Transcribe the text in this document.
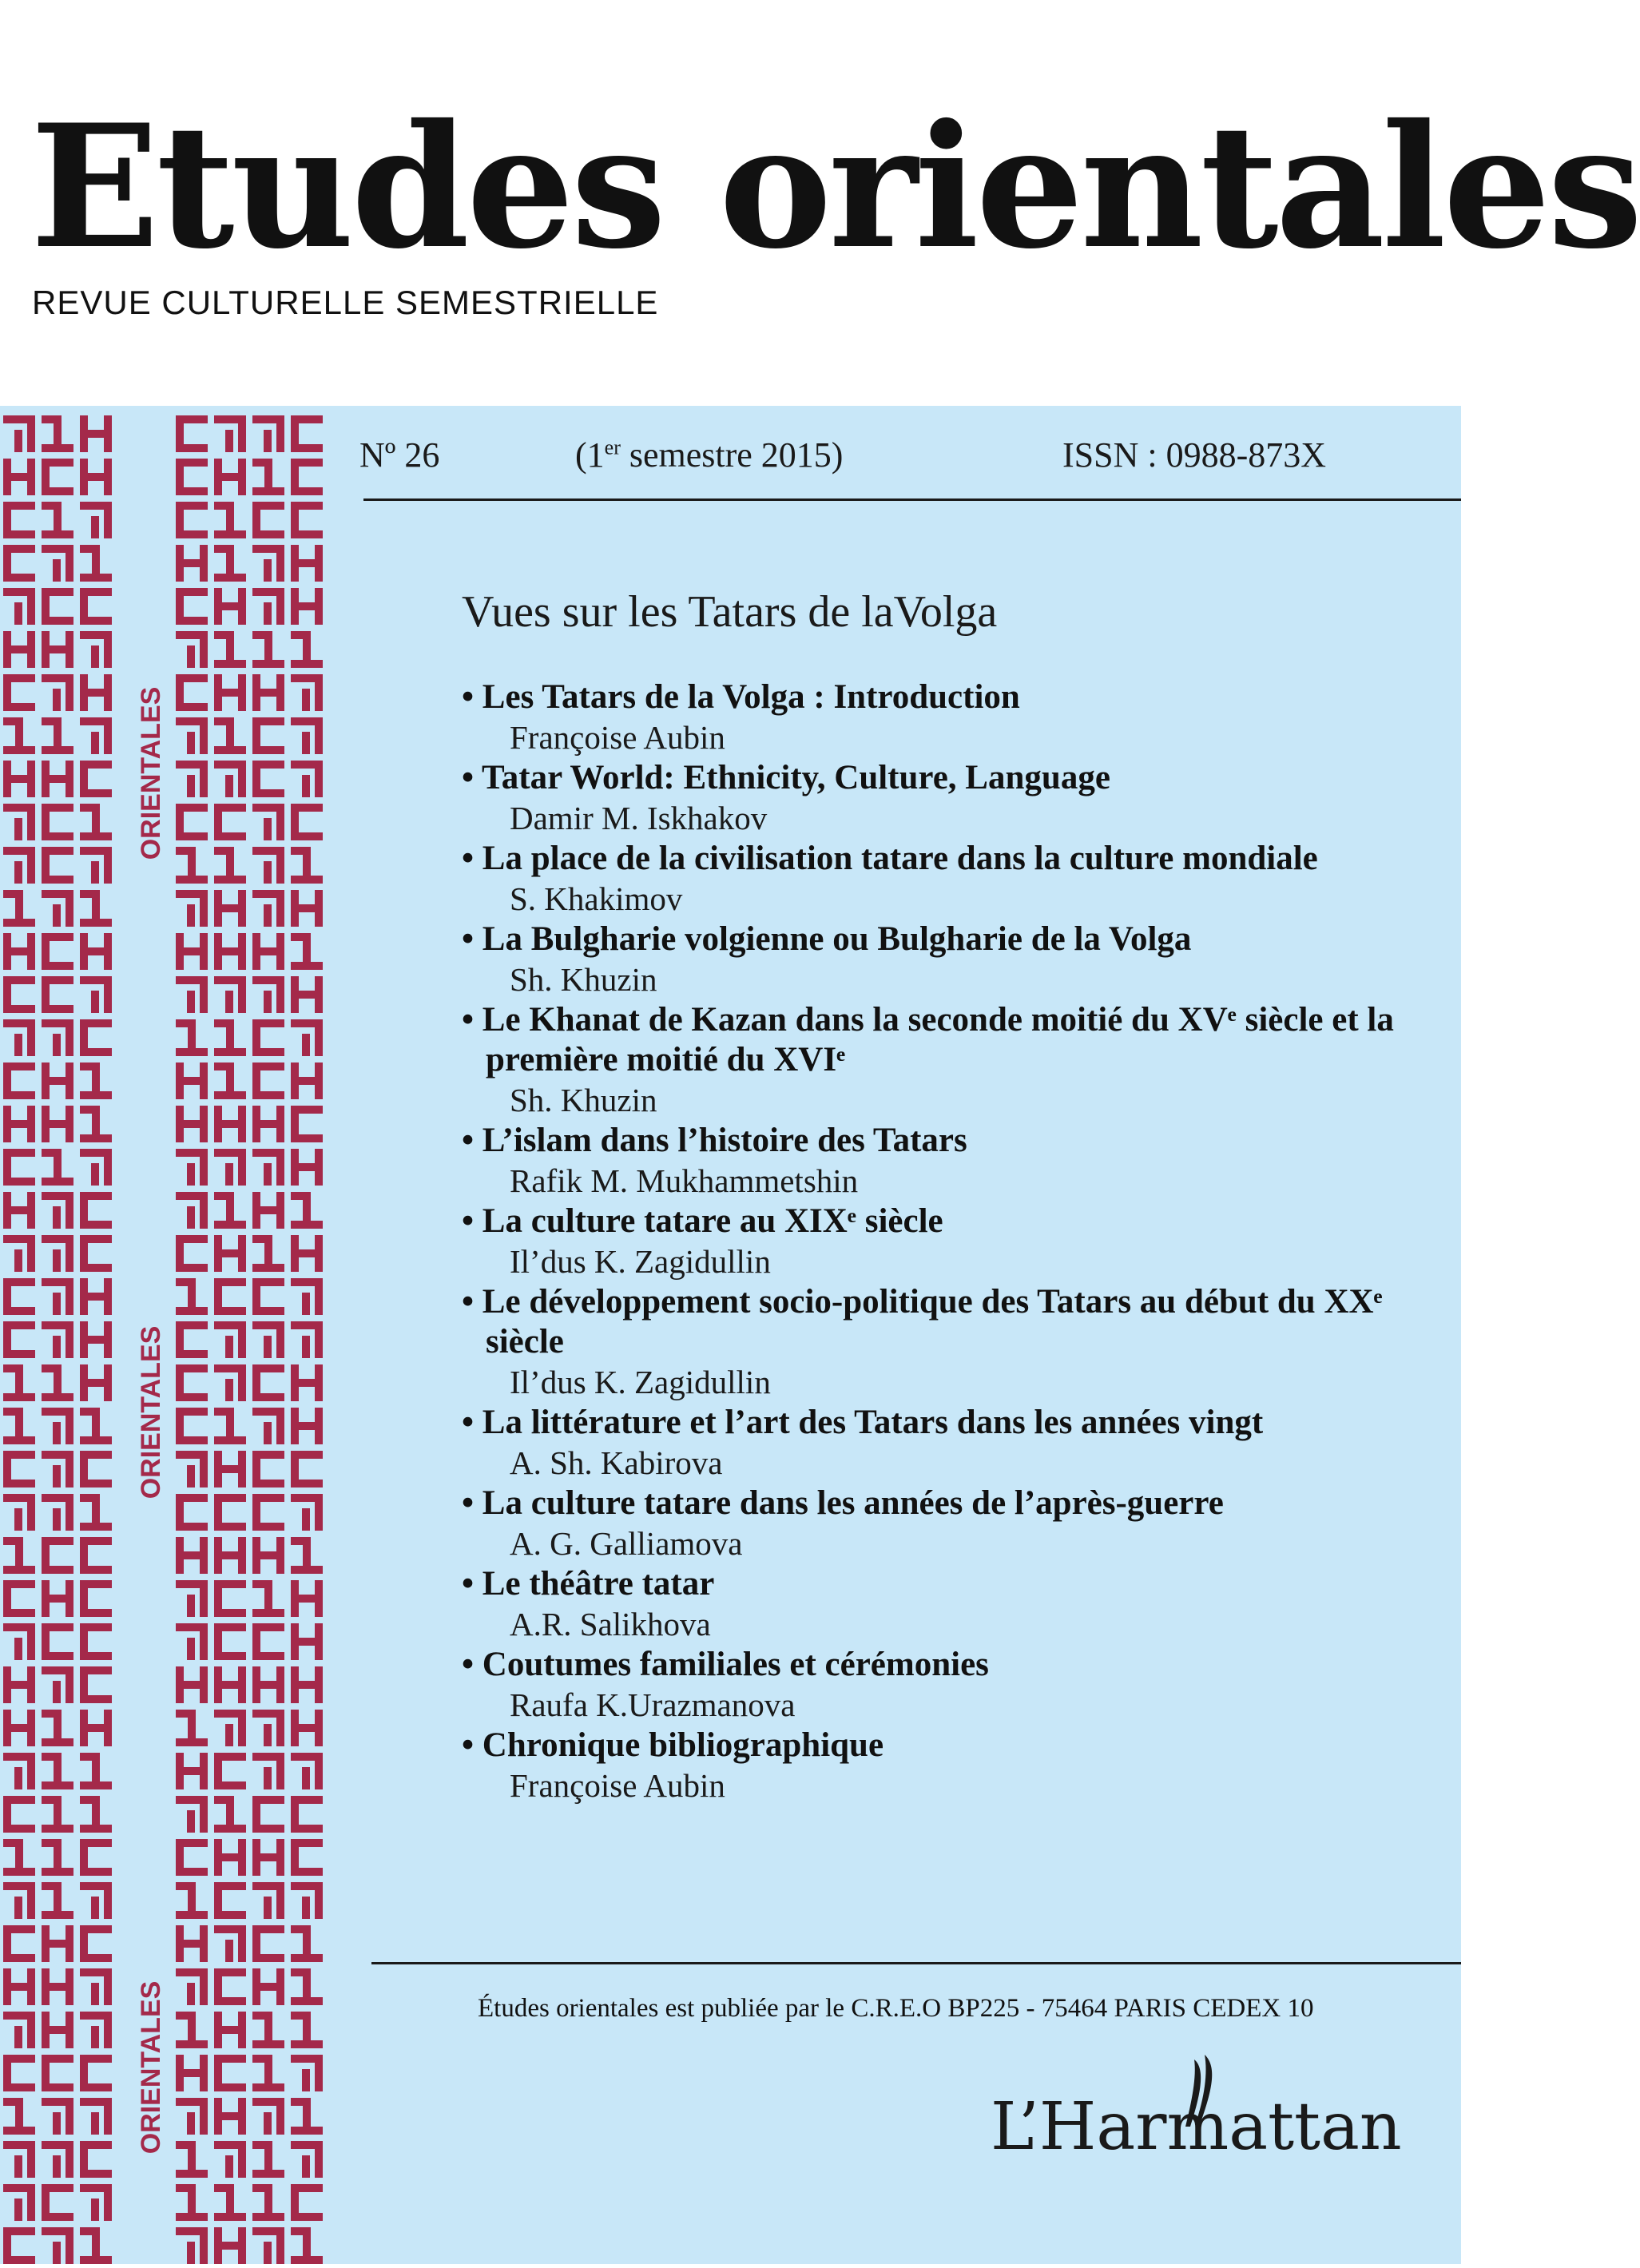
Etudes orientales
REVUE CULTURELLE SEMESTRIELLE
ORIENTALES
ORIENTALES
ORIENTALES
Nº 26	(1er semestre 2015)	ISSN : 0988-873X
Vues sur les Tatars de laVolga
• Les Tatars de la Volga : Introduction
Françoise Aubin
• Tatar World: Ethnicity, Culture, Language
Damir M. Iskhakov
• La place de la civilisation tatare dans la culture mondiale
S. Khakimov
• La Bulgharie volgienne ou Bulgharie de la Volga
Sh. Khuzin
• Le Khanat de Kazan dans la seconde moitié du XVᵉ siècle et la première moitié du XVIᵉ
Sh. Khuzin
• L’islam dans l’histoire des Tatars
Rafik M. Mukhammetshin
• La culture tatare au XIXᵉ siècle
Il’dus K. Zagidullin
• Le développement socio-politique des Tatars au début du XXᵉ siècle
Il’dus K. Zagidullin
• La littérature et l’art des Tatars dans les années vingt
A. Sh. Kabirova
• La culture tatare dans les années de l’après-guerre
A. G. Galliamova
• Le théâtre tatar
A.R. Salikhova
• Coutumes familiales et cérémonies
Raufa K.Urazmanova
• Chronique bibliographique
Françoise Aubin
Études orientales est publiée par le C.R.E.O BP225 - 75464 PARIS CEDEX 10
L’Harmattan
